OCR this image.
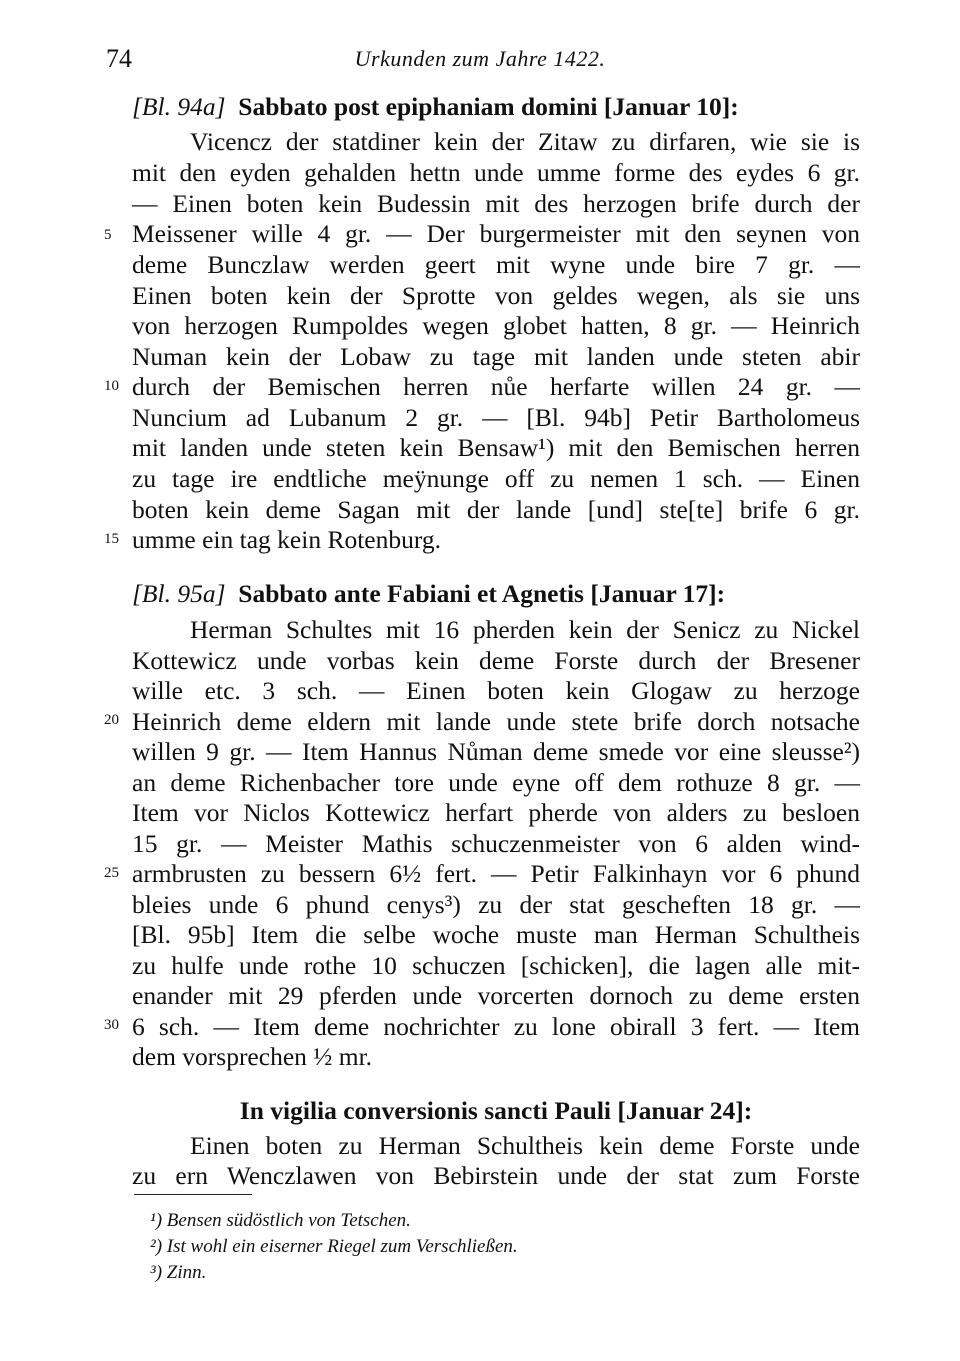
74	Urkunden zum Jahre 1422.
[Bl. 94a] Sabbato post epiphaniam domini [Januar 10]:
Vicencz der statdiner kein der Zitaw zu dirfaren, wie sie is
mit den eyden gehalden hettn unde umme forme des eydes 6 gr.
— Einen boten kein Budessin mit des herzogen brife durch der
Meissener wille 4 gr. — Der burgermeister mit den seynen von
deme Bunczlaw werden geert mit wyne unde bire 7 gr. —
Einen boten kein der Sprotte von geldes wegen, als sie uns
von herzogen Rumpoldes wegen globet hatten, 8 gr. — Heinrich
Numan kein der Lobaw zu tage mit landen unde steten abir
durch der Bemischen herren nůe herfarte willen 24 gr. —
Nuncium ad Lubanum 2 gr. — [Bl. 94b] Petir Bartholomeus
mit landen unde steten kein Bensaw¹) mit den Bemischen herren
zu tage ire endtliche meÿnunge off zu nemen 1 sch. — Einen
boten kein deme Sagan mit der lande [und] ste[te] brife 6 gr.
umme ein tag kein Rotenburg.
[Bl. 95a] Sabbato ante Fabiani et Agnetis [Januar 17]:
Herman Schultes mit 16 pherden kein der Senicz zu Nickel
Kottewicz unde vorbas kein deme Forste durch der Bresener
wille etc. 3 sch. — Einen boten kein Glogaw zu herzoge
Heinrich deme eldern mit lande unde stete brife dorch notsache
willen 9 gr. — Item Hannus Nůman deme smede vor eine sleusse²)
an deme Richenbacher tore unde eyne off dem rothuze 8 gr. —
Item vor Niclos Kottewicz herfart pherde von alders zu besloen
15 gr. — Meister Mathis schuczenmeister von 6 alden wind-
armbrusten zu bessern 6½ fert. — Petir Falkinhayn vor 6 phund
bleies unde 6 phund cenys³) zu der stat gescheften 18 gr. —
[Bl. 95b] Item die selbe woche muste man Herman Schultheis
zu hulfe unde rothe 10 schuczen [schicken], die lagen alle mit-
enander mit 29 pferden unde vorcerten dornoch zu deme ersten
6 sch. — Item deme nochrichter zu lone obirall 3 fert. — Item
dem vorsprechen ½ mr.
In vigilia conversionis sancti Pauli [Januar 24]:
Einen boten zu Herman Schultheis kein deme Forste unde
zu ern Wenczlawen von Bebirstein unde der stat zum Forste
5
10
15
20
25
30
¹) Bensen südöstlich von Tetschen.
²) Ist wohl ein eiserner Riegel zum Verschließen.
³) Zinn.
